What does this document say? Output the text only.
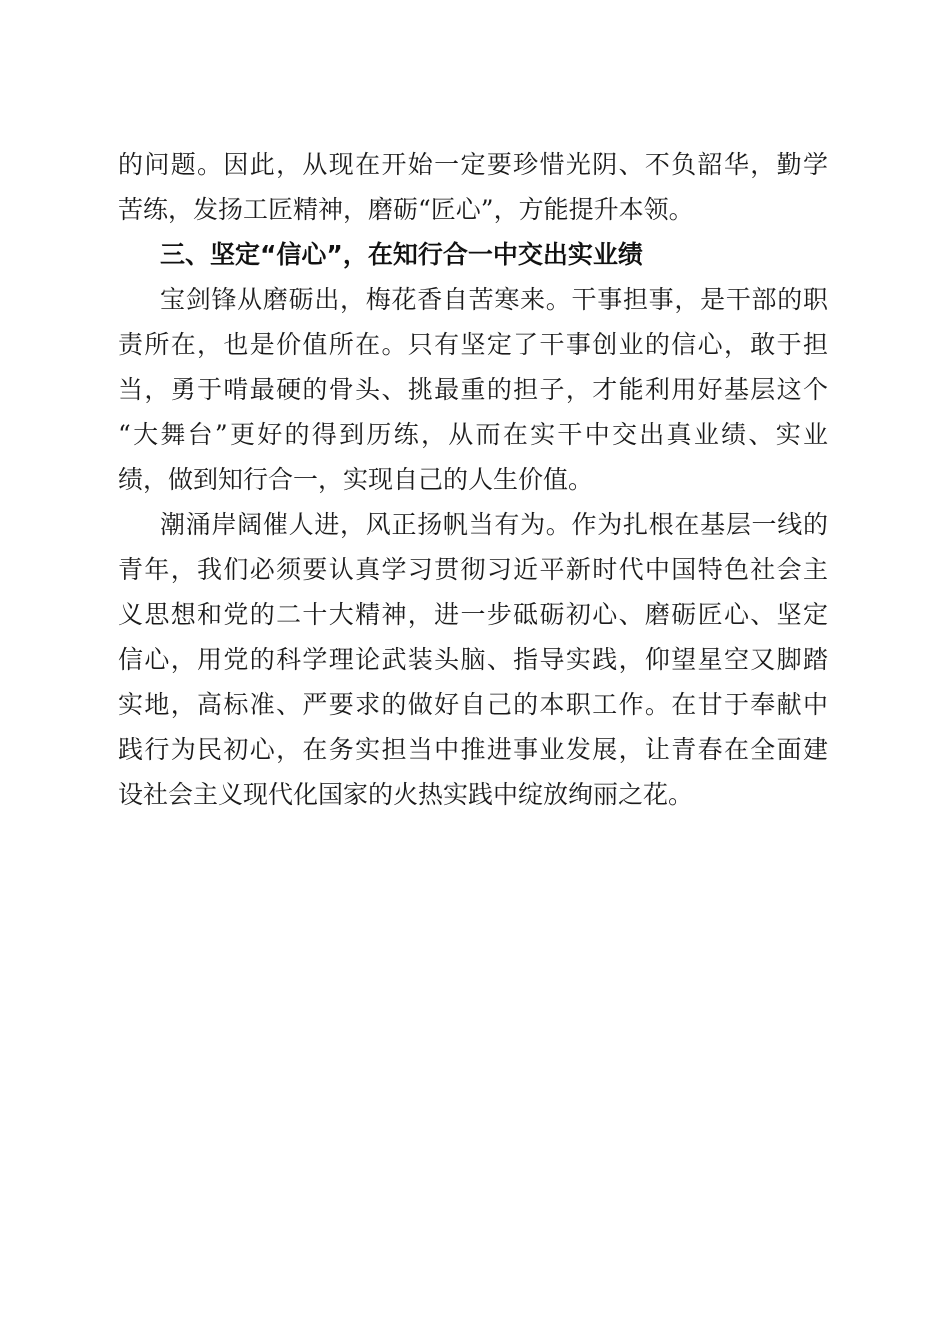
的问题。因此，从现在开始一定要珍惜光阴、不负韶华，勤学
苦练，发扬工匠精神，磨砺“匠心”，方能提升本领。
三、坚定“信心”，在知行合一中交出实业绩
宝剑锋从磨砺出，梅花香自苦寒来。干事担事，是干部的职
责所在，也是价值所在。只有坚定了干事创业的信心，敢于担
当，勇于啃最硬的骨头、挑最重的担子，才能利用好基层这个
“大舞台”更好的得到历练，从而在实干中交出真业绩、实业
绩，做到知行合一，实现自己的人生价值。
潮涌岸阔催人进，风正扬帆当有为。作为扎根在基层一线的
青年，我们必须要认真学习贯彻习近平新时代中国特色社会主
义思想和党的二十大精神，进一步砥砺初心、磨砺匠心、坚定
信心，用党的科学理论武装头脑、指导实践，仰望星空又脚踏
实地，高标准、严要求的做好自己的本职工作。在甘于奉献中
践行为民初心，在务实担当中推进事业发展，让青春在全面建
设社会主义现代化国家的火热实践中绽放绚丽之花。
